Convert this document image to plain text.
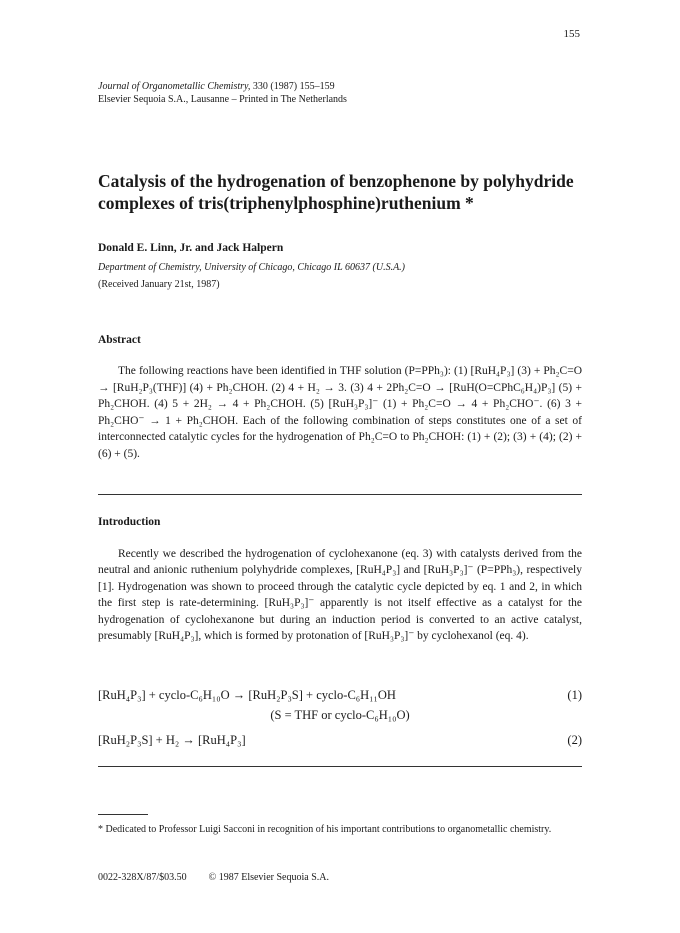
155
Journal of Organometallic Chemistry, 330 (1987) 155–159
Elsevier Sequoia S.A., Lausanne – Printed in The Netherlands
Catalysis of the hydrogenation of benzophenone by polyhydride
complexes of tris(triphenylphosphine)ruthenium *
Donald E. Linn, Jr. and Jack Halpern
Department of Chemistry, University of Chicago, Chicago IL 60637 (U.S.A.)
(Received January 21st, 1987)
Abstract

The following reactions have been identified in THF solution (P=PPh₃): (1) [RuH₄P₃] (3) + Ph₂C=O → [RuH₂P₃(THF)] (4) + Ph₂CHOH. (2) 4 + H₂ → 3. (3) 4 + 2Ph₂C=O → [RuH(O=CPhC₆H₄)P₃] (5) + Ph₂CHOH. (4) 5 + 2H₂ → 4 + Ph₂CHOH. (5) [RuH₃P₃]⁻ (1) + Ph₂C=O → 4 + Ph₂CHO⁻. (6) 3 + Ph₂CHO⁻ → 1 + Ph₂CHOH. Each of the following combination of steps constitutes one of a set of interconnected catalytic cycles for the hydrogenation of Ph₂C=O to Ph₂CHOH: (1) + (2); (3) + (4); (2) + (6) + (5).

Introduction

Recently we described the hydrogenation of cyclohexanone (eq. 3) with catalysts derived from the neutral and anionic ruthenium polyhydride complexes, [RuH₄P₃] and [RuH₃P₃]⁻ (P=PPh₃), respectively [1]. Hydrogenation was shown to proceed through the catalytic cycle depicted by eq. 1 and 2, in which the first step is rate-determining. [RuH₃P₃]⁻ apparently is not itself effective as a catalyst for the hydrogenation of cyclohexanone but during an induction period is converted to an active catalyst, presumably [RuH₄P₃], which is formed by protonation of [RuH₃P₃]⁻ by cyclohexanol (eq. 4).

[RuH₄P₃] + cyclo-C₆H₁₀O → [RuH₂P₃S] + cyclo-C₆H₁₁OH	(1)
(S = THF or cyclo-C₆H₁₀O)
[RuH₂P₃S] + H₂ → [RuH₄P₃]	(2)
* Dedicated to Professor Luigi Sacconi in recognition of his important contributions to organometallic chemistry.
0022-328X/87/$03.50 © 1987 Elsevier Sequoia S.A.
